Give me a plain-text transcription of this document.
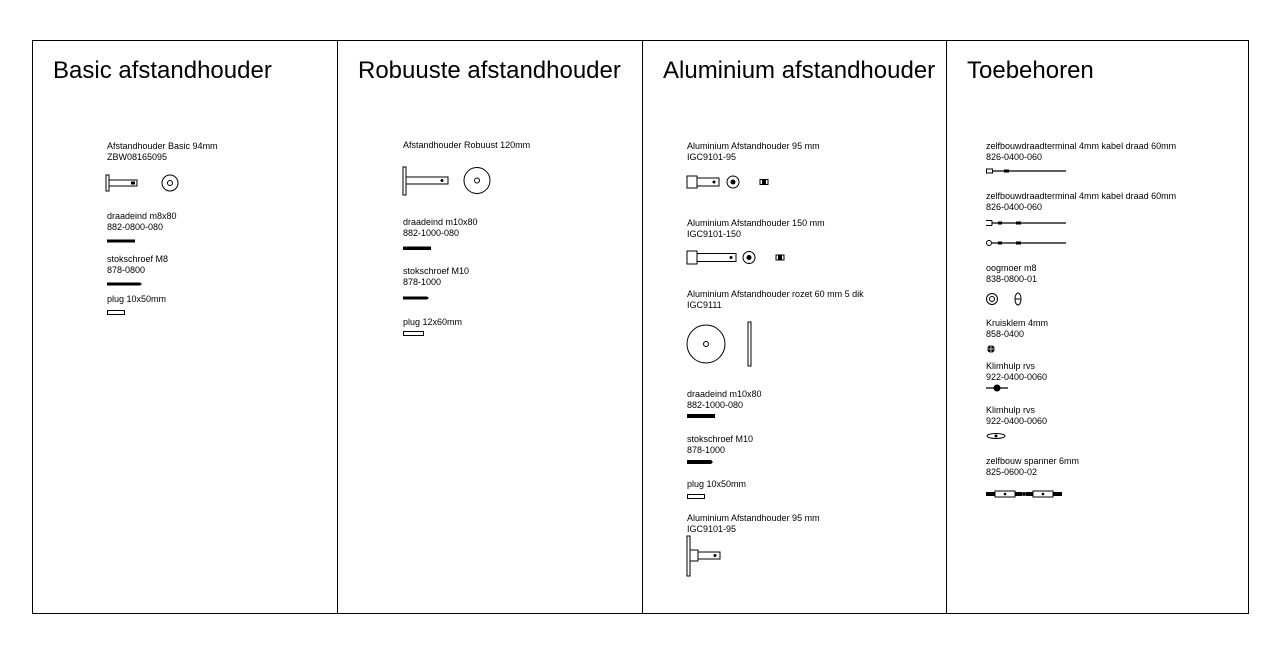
Basic afstandhouder
Afstandhouder Basic 94mm
ZBW08165095
draadeind m8x80
882-0800-080
stokschroef M8
878-0800
plug 10x50mm
Robuuste afstandhouder
Afstandhouder Robuust 120mm
draadeind m10x80
882-1000-080
stokschroef M10
878-1000
plug 12x60mm
Aluminium afstandhouder
Aluminium Afstandhouder 95 mm
IGC9101-95
Aluminium Afstandhouder 150 mm
IGC9101-150
Aluminium Afstandhouder rozet 60 mm 5 dik
IGC9111
draadeind m10x80
882-1000-080
stokschroef M10
878-1000
plug 10x50mm
Aluminium Afstandhouder 95 mm
IGC9101-95
Toebehoren
zelfbouwdraadterminal 4mm kabel draad 60mm
826-0400-060
zelfbouwdraadterminal 4mm kabel draad 60mm
826-0400-060
oogmoer m8
838-0800-01
Kruisklem 4mm
858-0400
Klimhulp rvs
922-0400-0060
Klimhulp rvs
922-0400-0060
zelfbouw spanner 6mm
825-0600-02
